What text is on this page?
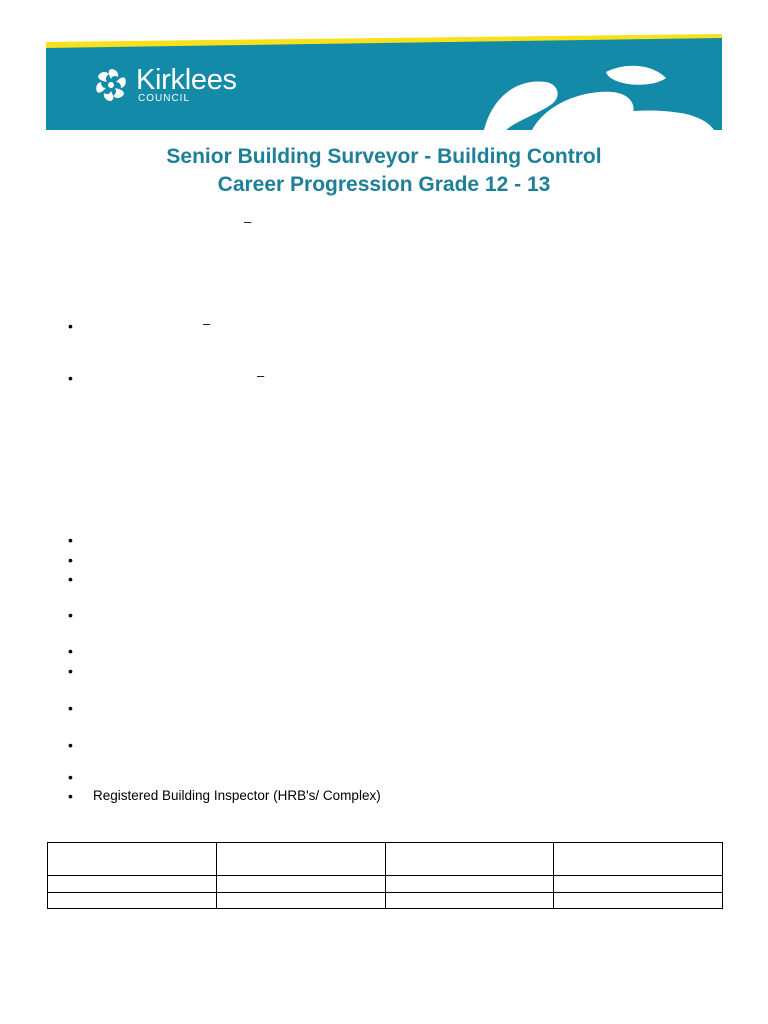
Kirklees
COUNCIL
Senior Building Surveyor - Building Control
Career Progression Grade 12 - 13
–
–
–
•
•
•
•
•
•
•
•
•
•
•
• Registered Building Inspector (HRB's/ Complex)
